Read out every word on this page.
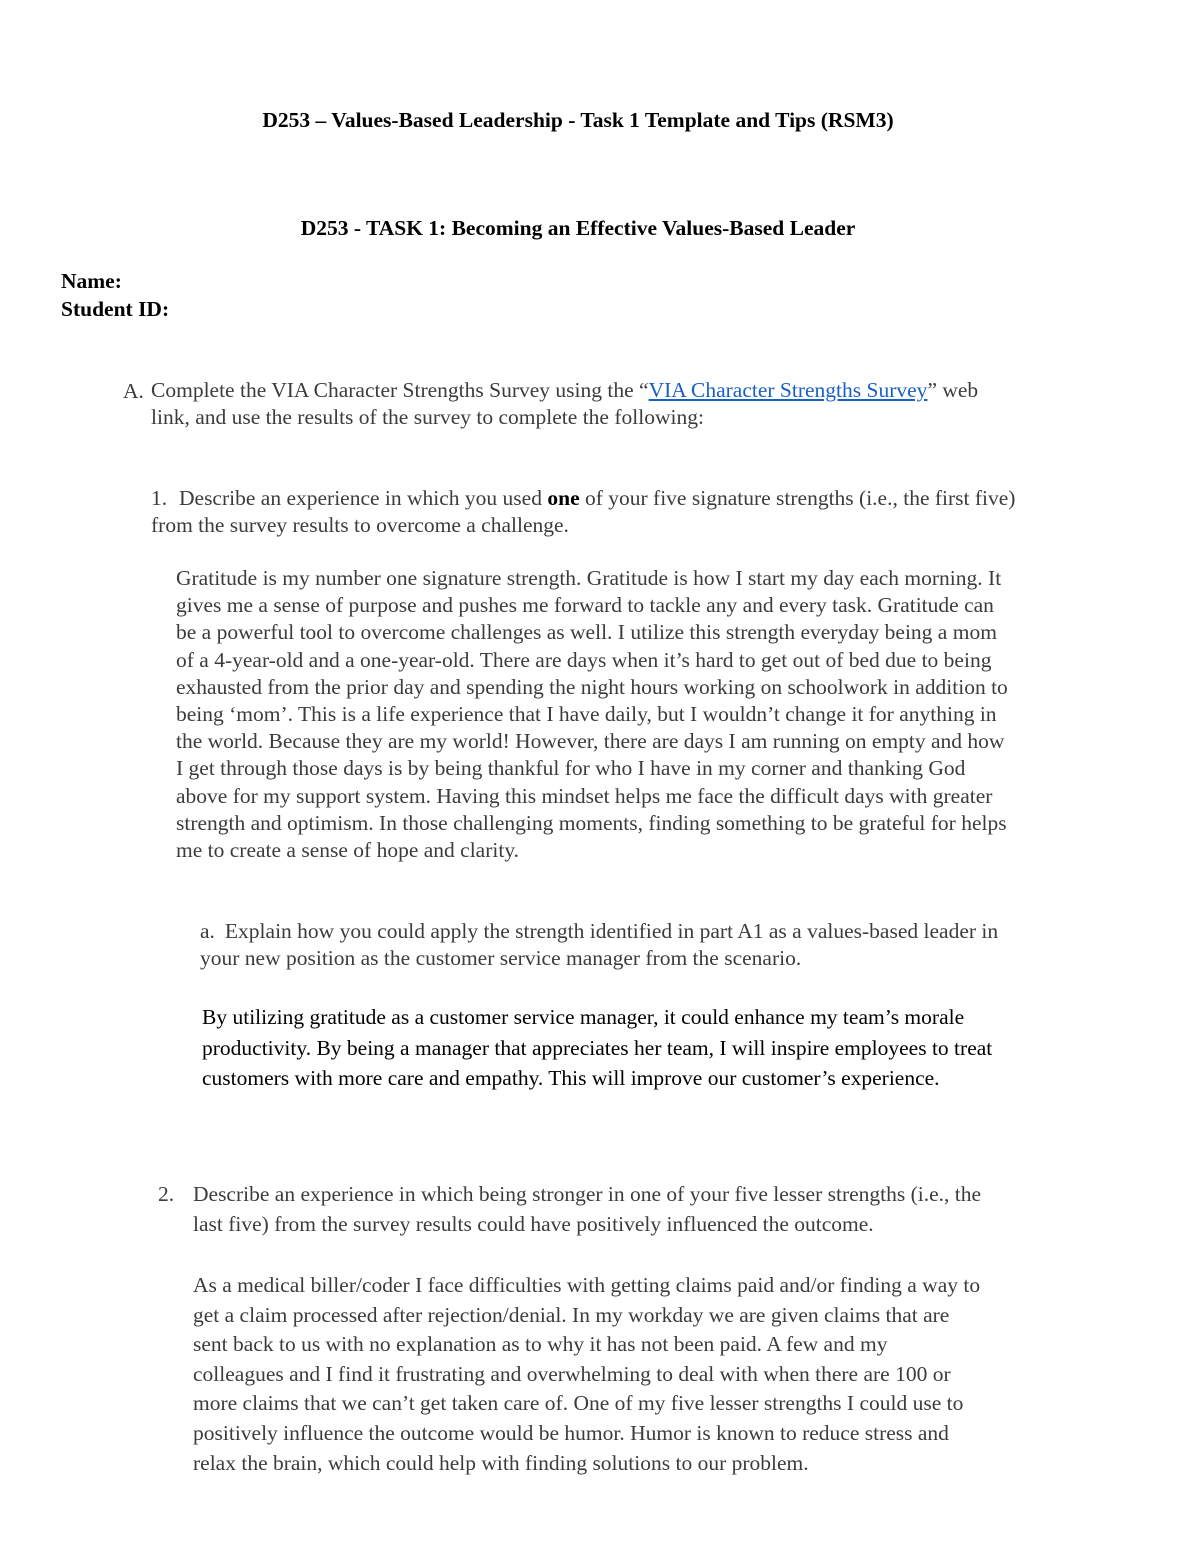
D253 – Values-Based Leadership - Task 1 Template and Tips (RSM3)
D253 - TASK 1: Becoming an Effective Values-Based Leader
Name:
Student ID:
A. Complete the VIA Character Strengths Survey using the “VIA Character Strengths Survey” web
link, and use the results of the survey to complete the following:
1. Describe an experience in which you used one of your five signature strengths (i.e., the first five)
from the survey results to overcome a challenge.
Gratitude is my number one signature strength. Gratitude is how I start my day each morning. It
gives me a sense of purpose and pushes me forward to tackle any and every task. Gratitude can
be a powerful tool to overcome challenges as well. I utilize this strength everyday being a mom
of a 4-year-old and a one-year-old. There are days when it’s hard to get out of bed due to being
exhausted from the prior day and spending the night hours working on schoolwork in addition to
being ‘mom’. This is a life experience that I have daily, but I wouldn’t change it for anything in
the world. Because they are my world! However, there are days I am running on empty and how
I get through those days is by being thankful for who I have in my corner and thanking God
above for my support system. Having this mindset helps me face the difficult days with greater
strength and optimism. In those challenging moments, finding something to be grateful for helps
me to create a sense of hope and clarity.
a. Explain how you could apply the strength identified in part A1 as a values-based leader in
your new position as the customer service manager from the scenario.
By utilizing gratitude as a customer service manager, it could enhance my team’s morale
productivity. By being a manager that appreciates her team, I will inspire employees to treat
customers with more care and empathy. This will improve our customer’s experience.
2. Describe an experience in which being stronger in one of your five lesser strengths (i.e., the
last five) from the survey results could have positively influenced the outcome.
As a medical biller/coder I face difficulties with getting claims paid and/or finding a way to
get a claim processed after rejection/denial. In my workday we are given claims that are
sent back to us with no explanation as to why it has not been paid. A few and my
colleagues and I find it frustrating and overwhelming to deal with when there are 100 or
more claims that we can’t get taken care of. One of my five lesser strengths I could use to
positively influence the outcome would be humor. Humor is known to reduce stress and
relax the brain, which could help with finding solutions to our problem.
